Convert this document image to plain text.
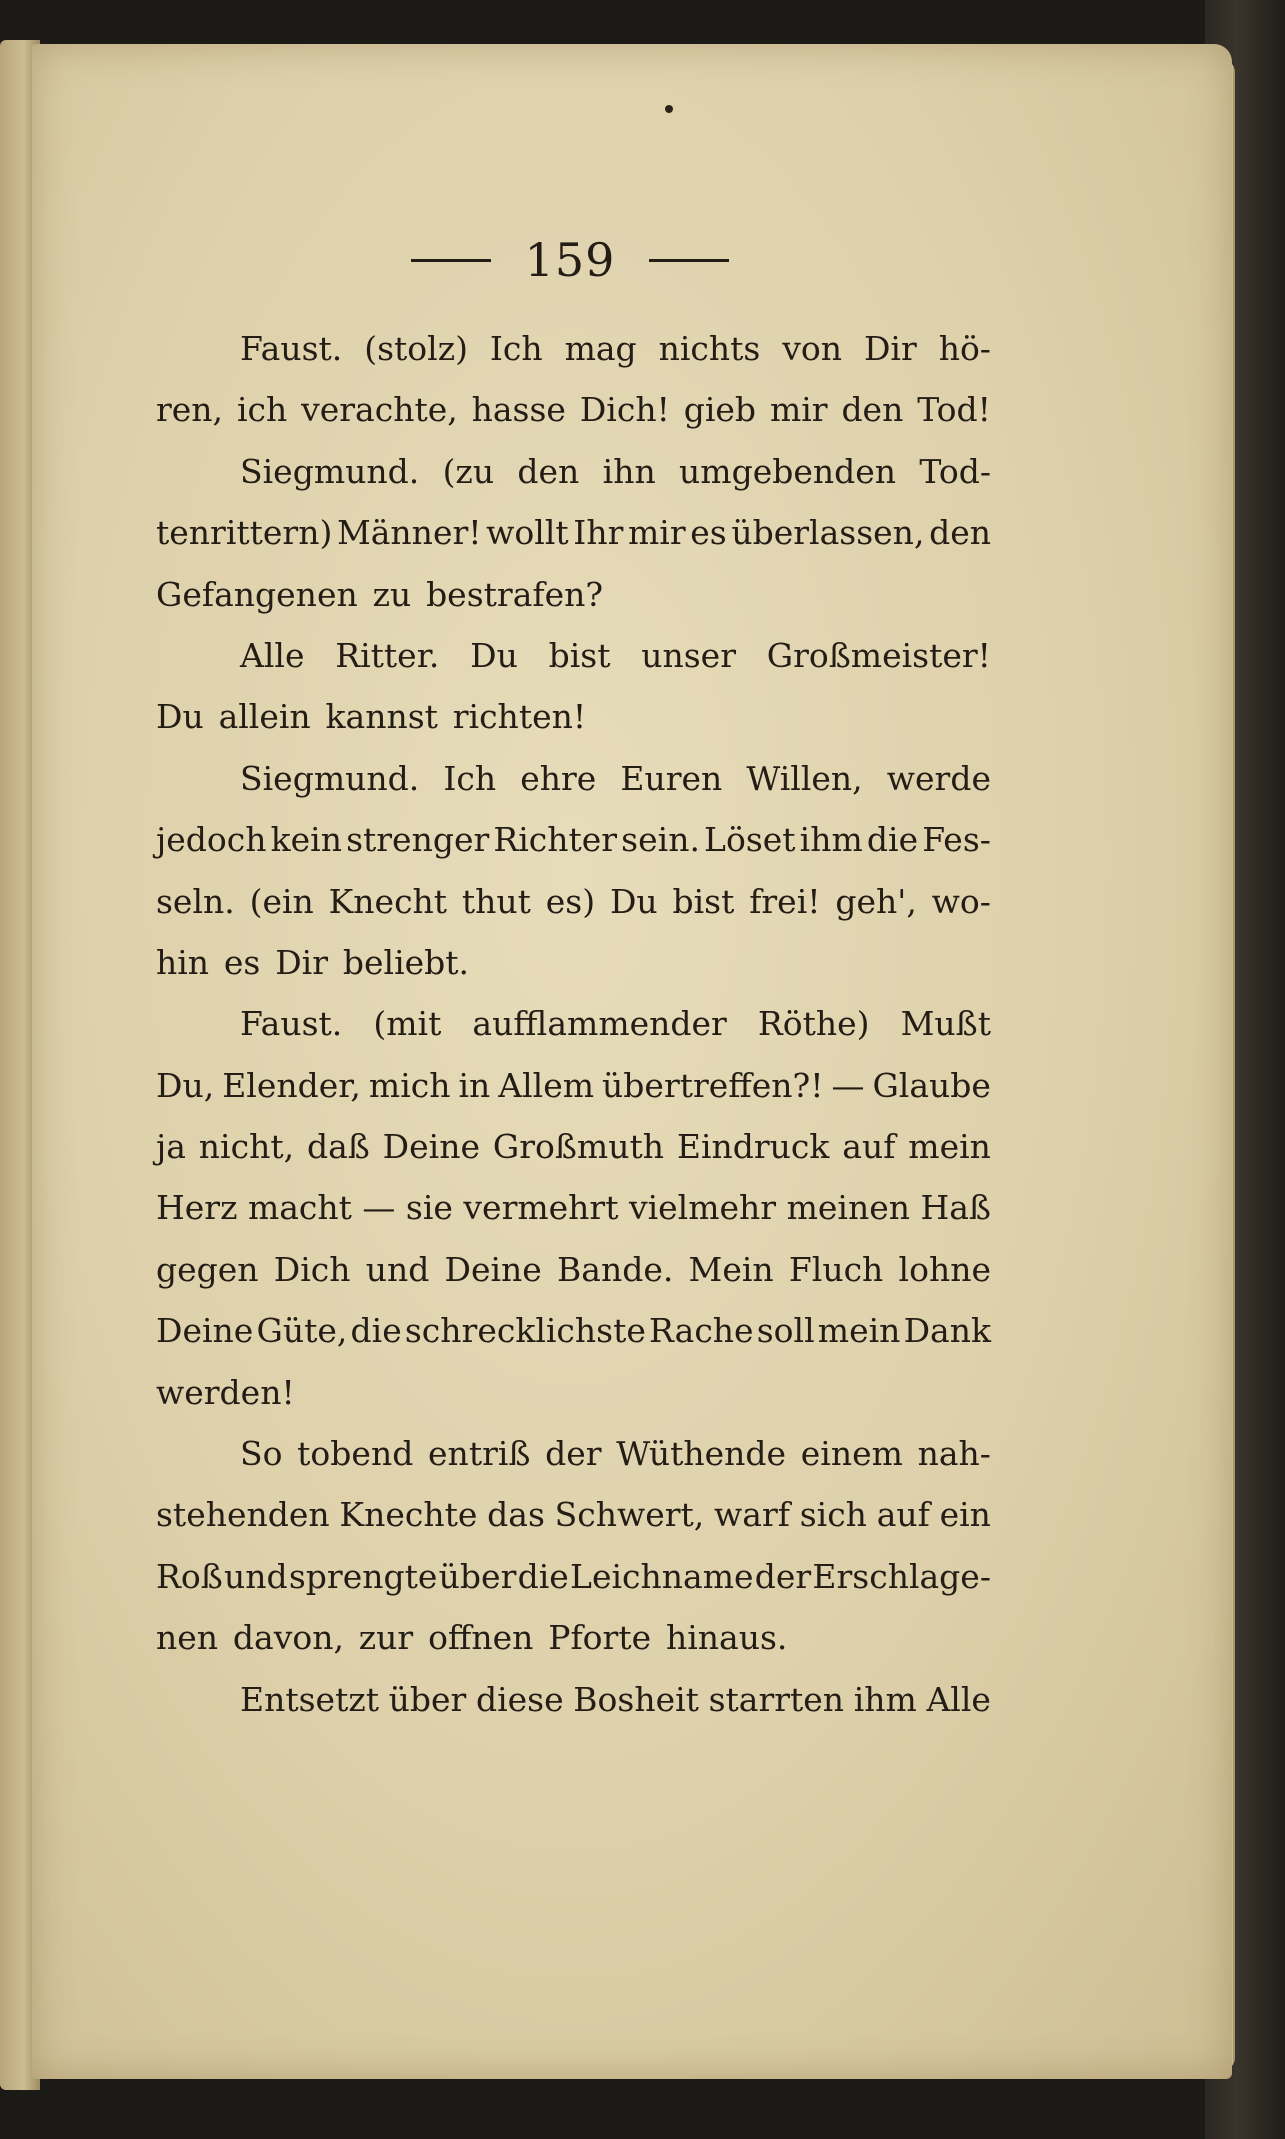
159
Faust. (stolz) Ich mag nichts von Dir hö-
ren, ich verachte, hasse Dich! gieb mir den Tod!
Siegmund. (zu den ihn umgebenden Tod-
tenrittern) Männer! wollt Ihr mir es überlassen, den
Gefangenen zu bestrafen?
Alle Ritter. Du bist unser Großmeister!
Du allein kannst richten!
Siegmund. Ich ehre Euren Willen, werde
jedoch kein strenger Richter sein. Löset ihm die Fes-
seln. (ein Knecht thut es) Du bist frei! geh', wo-
hin es Dir beliebt.
Faust. (mit aufflammender Röthe) Mußt
Du, Elender, mich in Allem übertreffen?! — Glaube
ja nicht, daß Deine Großmuth Eindruck auf mein
Herz macht — sie vermehrt vielmehr meinen Haß
gegen Dich und Deine Bande. Mein Fluch lohne
Deine Güte, die schrecklichste Rache soll mein Dank
werden!
So tobend entriß der Wüthende einem nah-
stehenden Knechte das Schwert, warf sich auf ein
Roß und sprengte über die Leichname der Erschlage-
nen davon, zur offnen Pforte hinaus.
Entsetzt über diese Bosheit starrten ihm Alle
